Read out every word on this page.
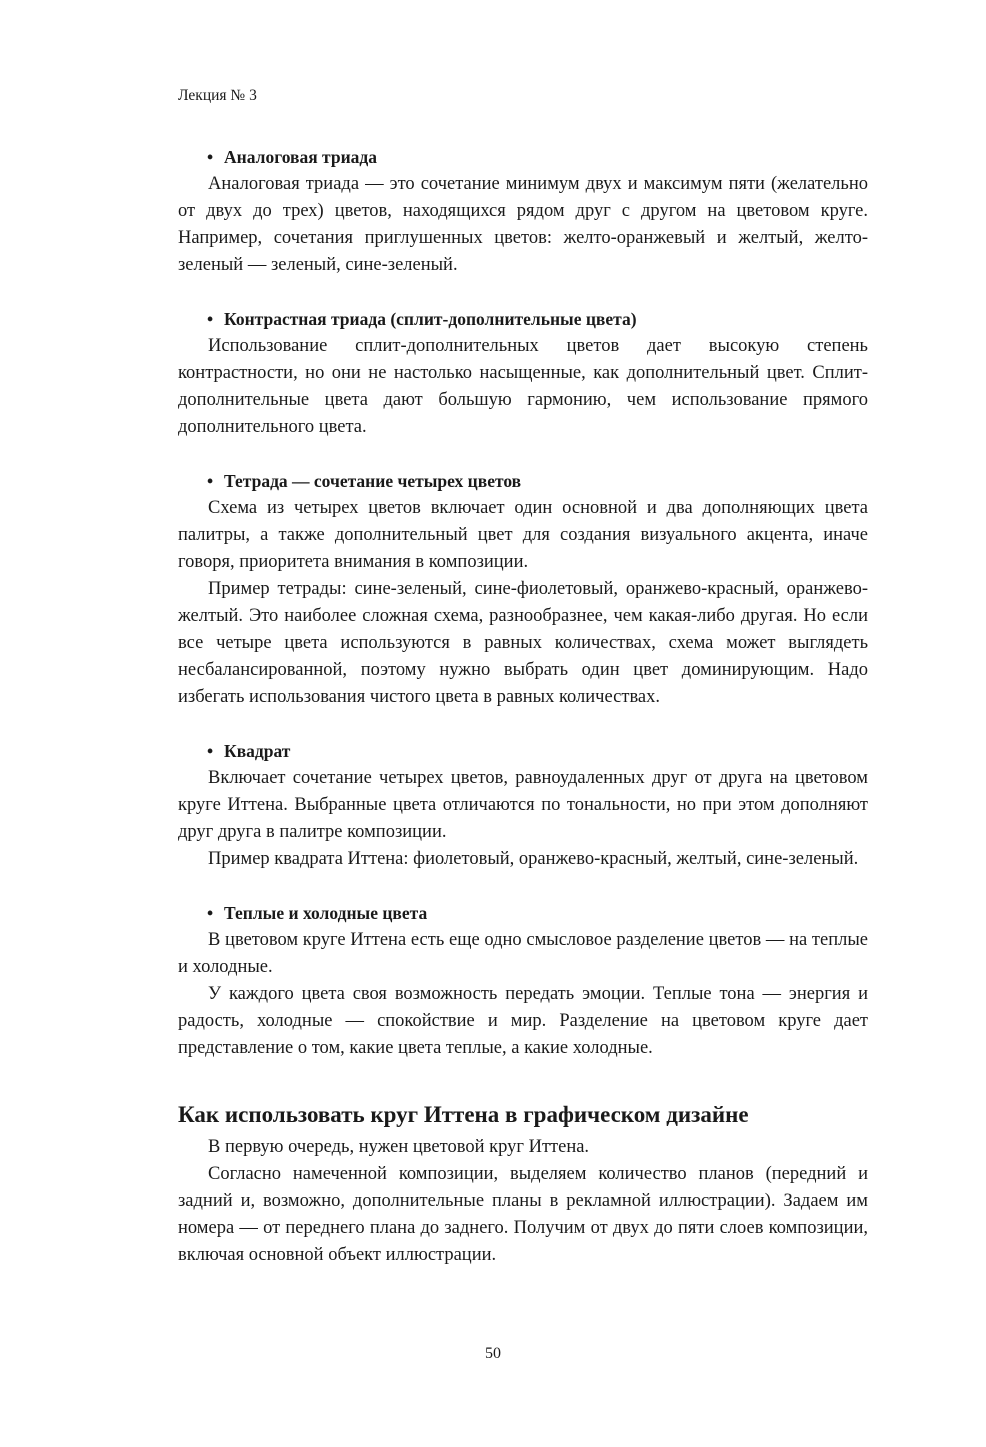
Лекция № 3
• Аналоговая триада

Аналоговая триада — это сочетание минимум двух и максимум пяти (желательно от двух до трех) цветов, находящихся рядом друг с другом на цветовом круге. Например, сочетания приглушенных цветов: желто-оранжевый и желтый, желто-зеленый — зеленый, сине-зеленый.

• Контрастная триада (сплит-дополнительные цвета)

Использование сплит-дополнительных цветов дает высокую степень контрастности, но они не настолько насыщенные, как дополнительный цвет. Сплит-дополнительные цвета дают большую гармонию, чем использование прямого дополнительного цвета.

• Тетрада — сочетание четырех цветов

Схема из четырех цветов включает один основной и два дополняющих цвета палитры, а также дополнительный цвет для создания визуального акцента, иначе говоря, приоритета внимания в композиции.

Пример тетрады: сине-зеленый, сине-фиолетовый, оранжево-красный, оранжево-желтый. Это наиболее сложная схема, разнообразнее, чем какая-либо другая. Но если все четыре цвета используются в равных количествах, схема может выглядеть несбалансированной, поэтому нужно выбрать один цвет доминирующим. Надо избегать использования чистого цвета в равных количествах.

• Квадрат

Включает сочетание четырех цветов, равноудаленных друг от друга на цветовом круге Иттена. Выбранные цвета отличаются по тональности, но при этом дополняют друг друга в палитре композиции.

Пример квадрата Иттена: фиолетовый, оранжево-красный, желтый, сине-зеленый.

• Теплые и холодные цвета

В цветовом круге Иттена есть еще одно смысловое разделение цветов — на теплые и холодные.

У каждого цвета своя возможность передать эмоции. Теплые тона — энергия и радость, холодные — спокойствие и мир. Разделение на цветовом круге дает представление о том, какие цвета теплые, а какие холодные.

Как использовать круг Иттена в графическом дизайне

В первую очередь, нужен цветовой круг Иттена.

Согласно намеченной композиции, выделяем количество планов (передний и задний и, возможно, дополнительные планы в рекламной иллюстрации). Задаем им номера — от переднего плана до заднего. Получим от двух до пяти слоев композиции, включая основной объект иллюстрации.

50
